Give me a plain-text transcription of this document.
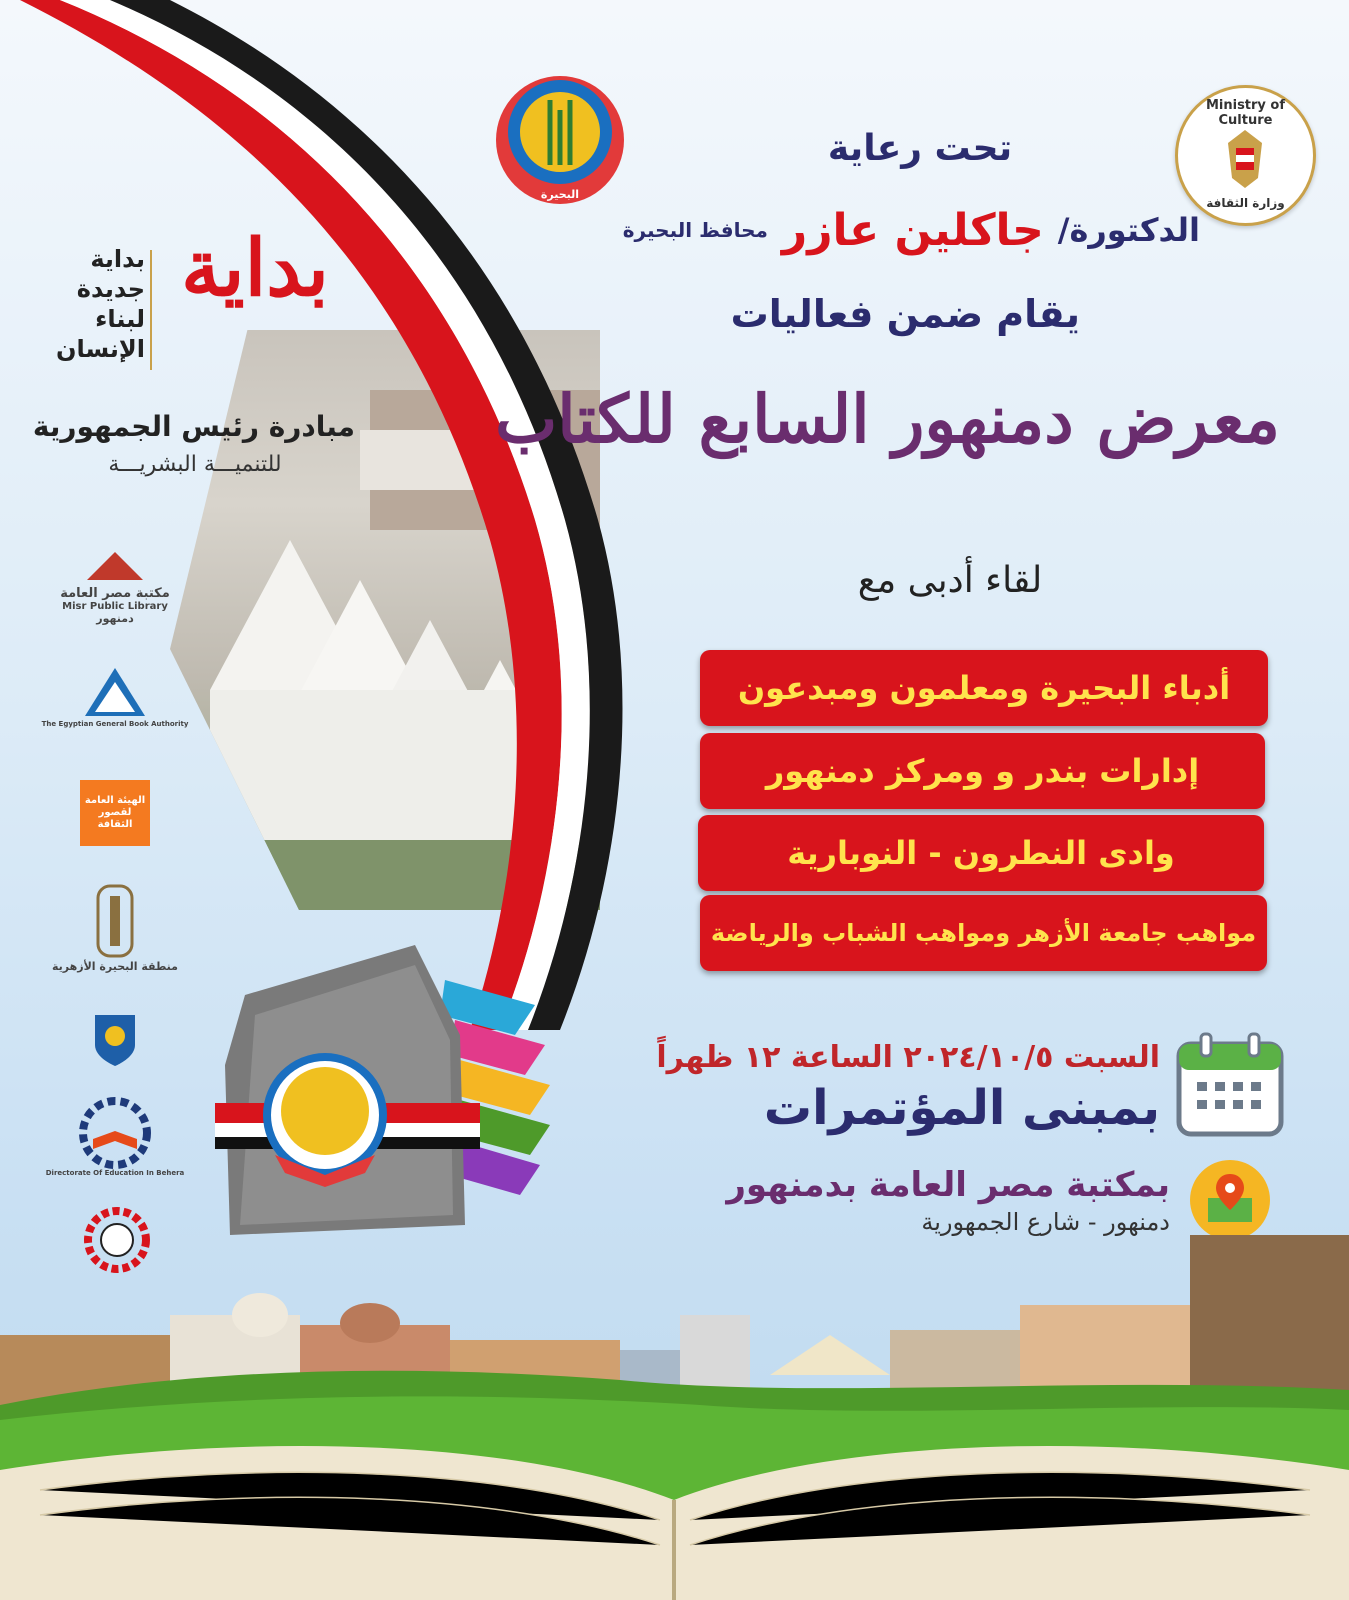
Ministry of Culture
وزارة الثقافة
البحيرة
تحت رعاية
الدكتورة/
جاكلين عازر
محافظ البحيرة
يقام ضمن فعاليات
معرض دمنهور السابع للكتاب
لقاء أدبى مع
أدباء البحيرة ومعلمون ومبدعون
إدارات بندر و ومركز دمنهور
وادى النطرون - النوبارية
مواهب جامعة الأزهر ومواهب الشباب والرياضة
السبت ٢٠٢٤/١٠/٥ الساعة ١٢ ظهراً
بمبنى المؤتمرات
بمكتبة مصر العامة بدمنهور
دمنهور - شارع الجمهورية
بداية
بداية
جديدة
لبناء
الإنسان
مبادرة رئيس الجمهورية
للتنميـــة البشريـــة
مكتبة مصر العامة
Misr Public Library
دمنهور
The Egyptian General Book Authority
الهيئة العامة لقصور الثقافة
منطقة البحيرة الأزهرية
Directorate Of Education In Behera
